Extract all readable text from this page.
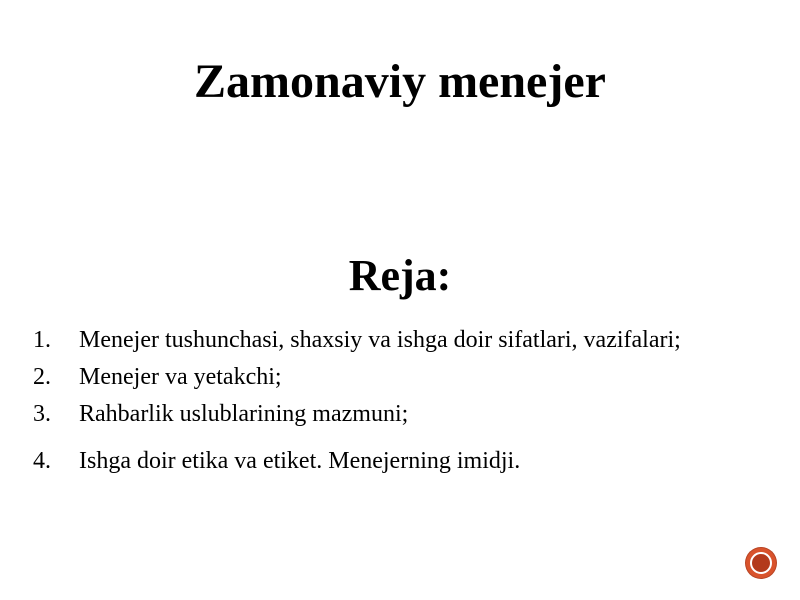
Zamonaviy menejer
Reja:
1. Menejer tushunchasi, shaxsiy va ishga doir sifatlari, vazifalari;
2. Menejer va yetakchi;
3. Rahbarlik uslublarining mazmuni;
4. Ishga doir etika va etiket. Menejerning imidji.
